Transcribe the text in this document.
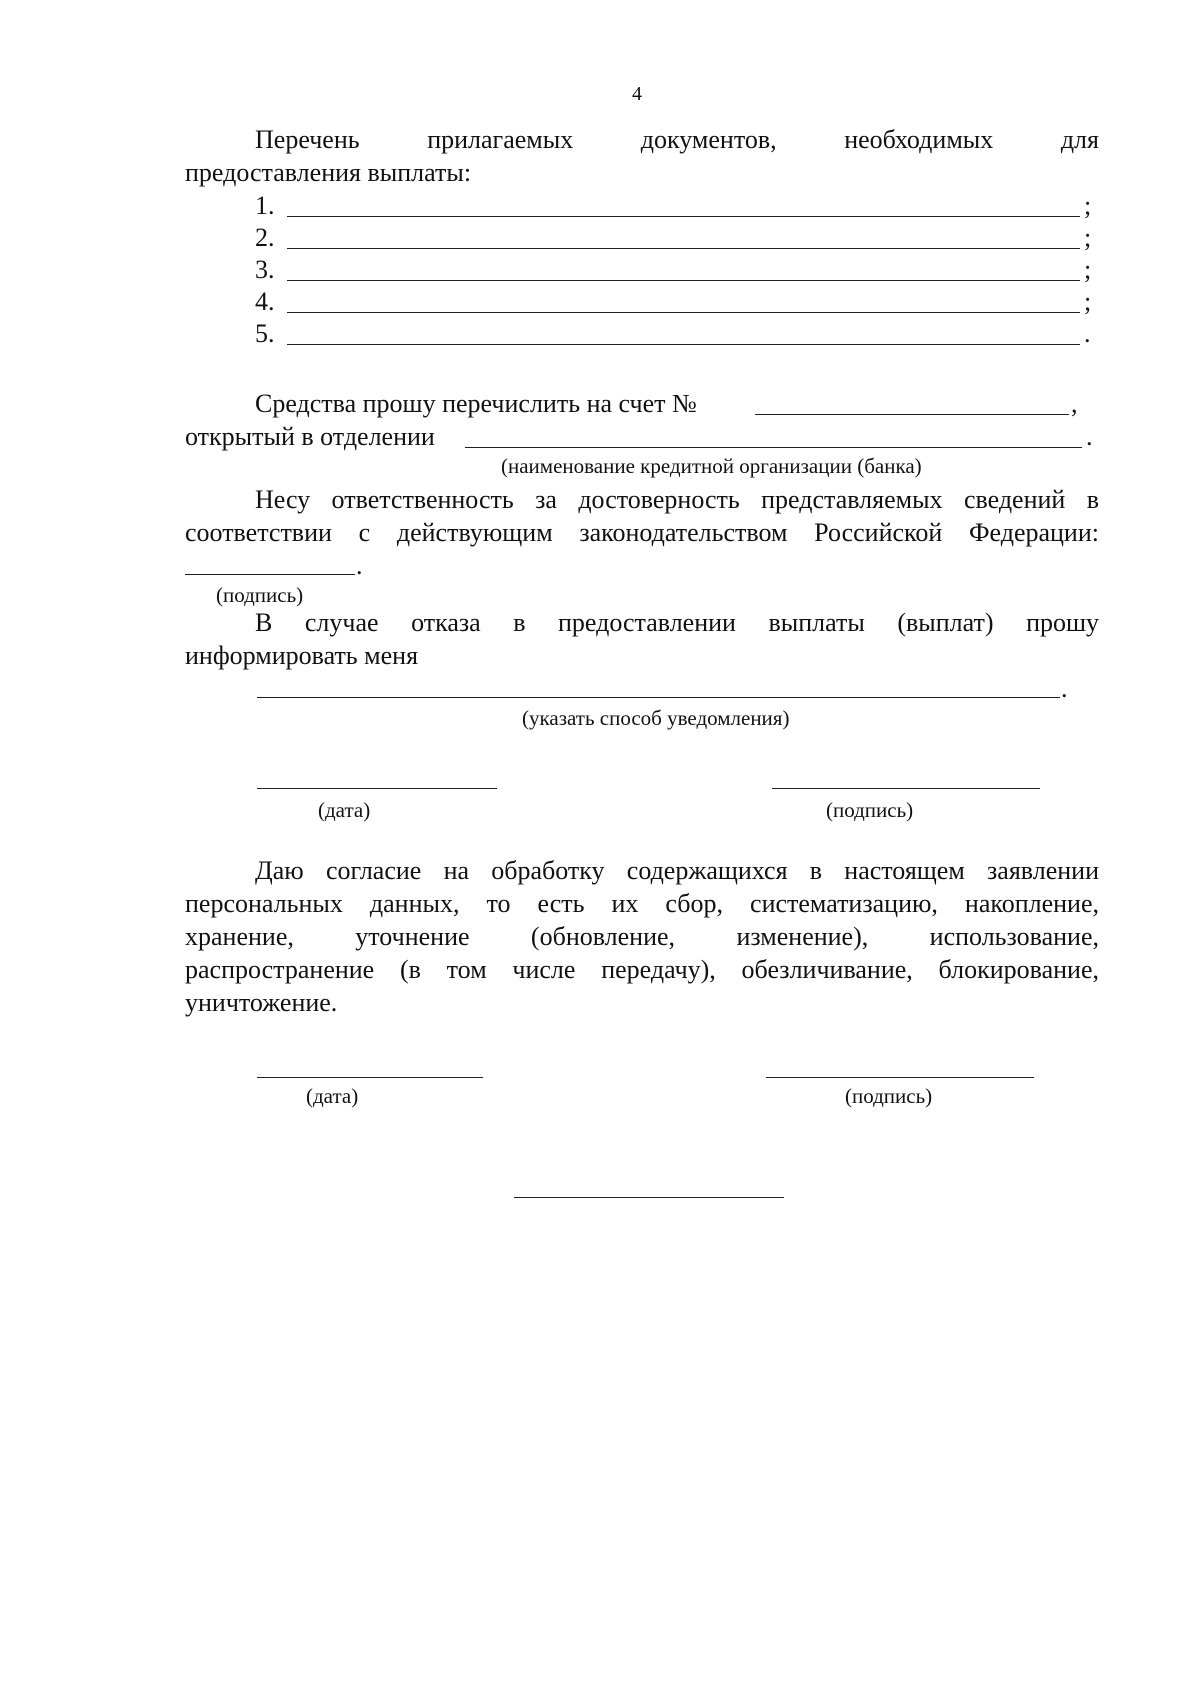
4
Перечень	прилагаемых	документов,	необходимых	для
предоставления выплаты:
1.	;
2.	;
3.	;
4.	;
5.	.
Средства прошу перечислить на счет №	,
открытый в отделении	.
(наименование кредитной организации (банка)
Несу ответственность за достоверность представляемых сведений в
соответствии с действующим законодательством Российской Федерации:
.
(подпись)
В случае отказа в предоставлении выплаты (выплат) прошу
информировать меня
.
(указать способ уведомления)
(дата)	(подпись)
Даю согласие на обработку содержащихся в настоящем заявлении
персональных данных, то есть их сбор, систематизацию, накопление,
хранение, уточнение (обновление, изменение), использование,
распространение (в том числе передачу), обезличивание, блокирование,
уничтожение.
(дата)	(подпись)
